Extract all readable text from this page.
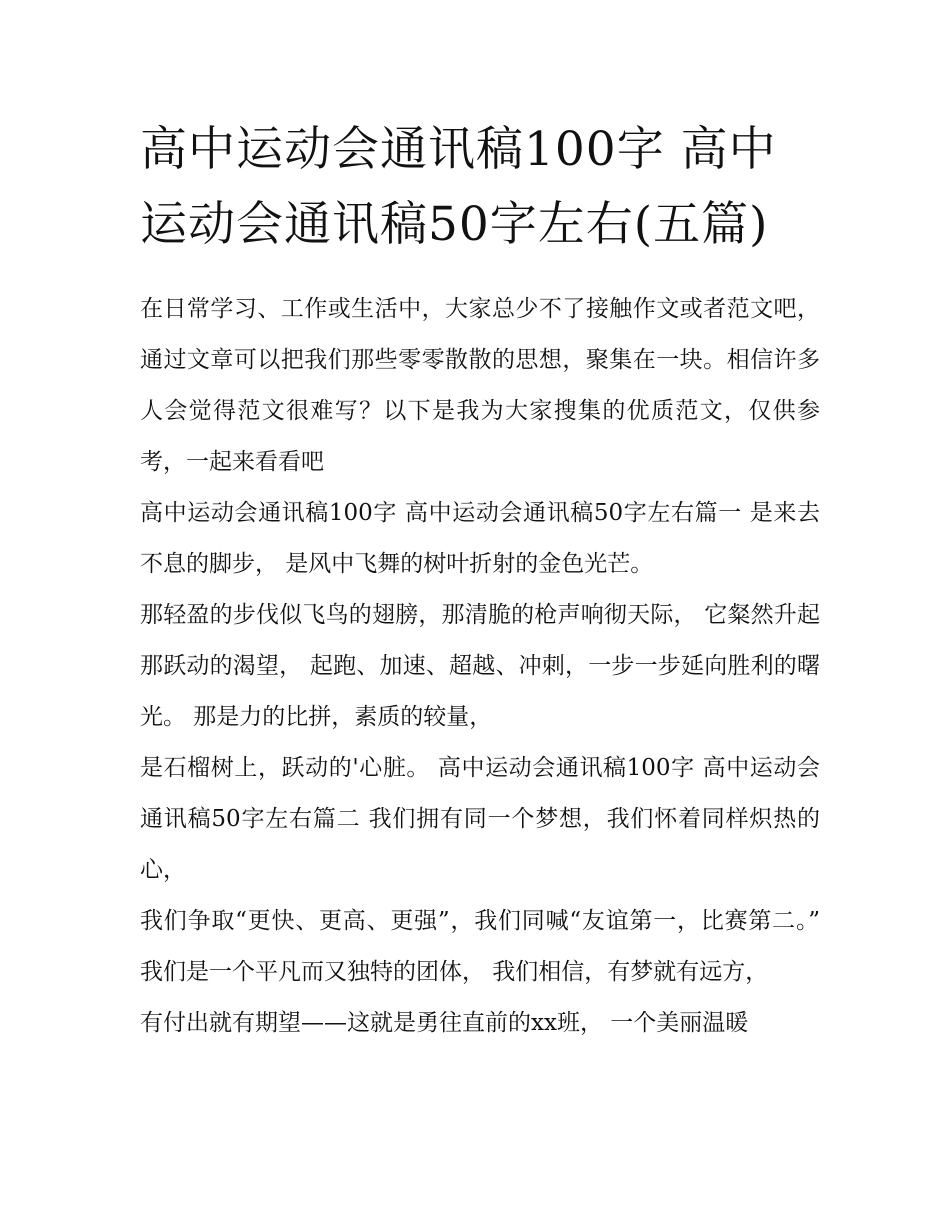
高中运动会通讯稿100字 高中运动会通讯稿50字左右(五篇)

在日常学习、工作或生活中，大家总少不了接触作文或者范文吧，通过文章可以把我们那些零零散散的思想，聚集在一块。相信许多人会觉得范文很难写？以下是我为大家搜集的优质范文，仅供参考，一起来看看吧

高中运动会通讯稿100字 高中运动会通讯稿50字左右篇一 是来去不息的脚步， 是风中飞舞的树叶折射的金色光芒。

那轻盈的步伐似飞鸟的翅膀，那清脆的枪声响彻天际， 它粲然升起那跃动的渴望， 起跑、加速、超越、冲刺，一步一步延向胜利的曙光。 那是力的比拼，素质的较量，

是石榴树上，跃动的'心脏。 高中运动会通讯稿100字 高中运动会通讯稿50字左右篇二 我们拥有同一个梦想，我们怀着同样炽热的心，

我们争取“更快、更高、更强”，我们同喊“友谊第一，比赛第二。” 我们是一个平凡而又独特的团体， 我们相信，有梦就有远方，

有付出就有期望——这就是勇往直前的xx班， 一个美丽温暖
